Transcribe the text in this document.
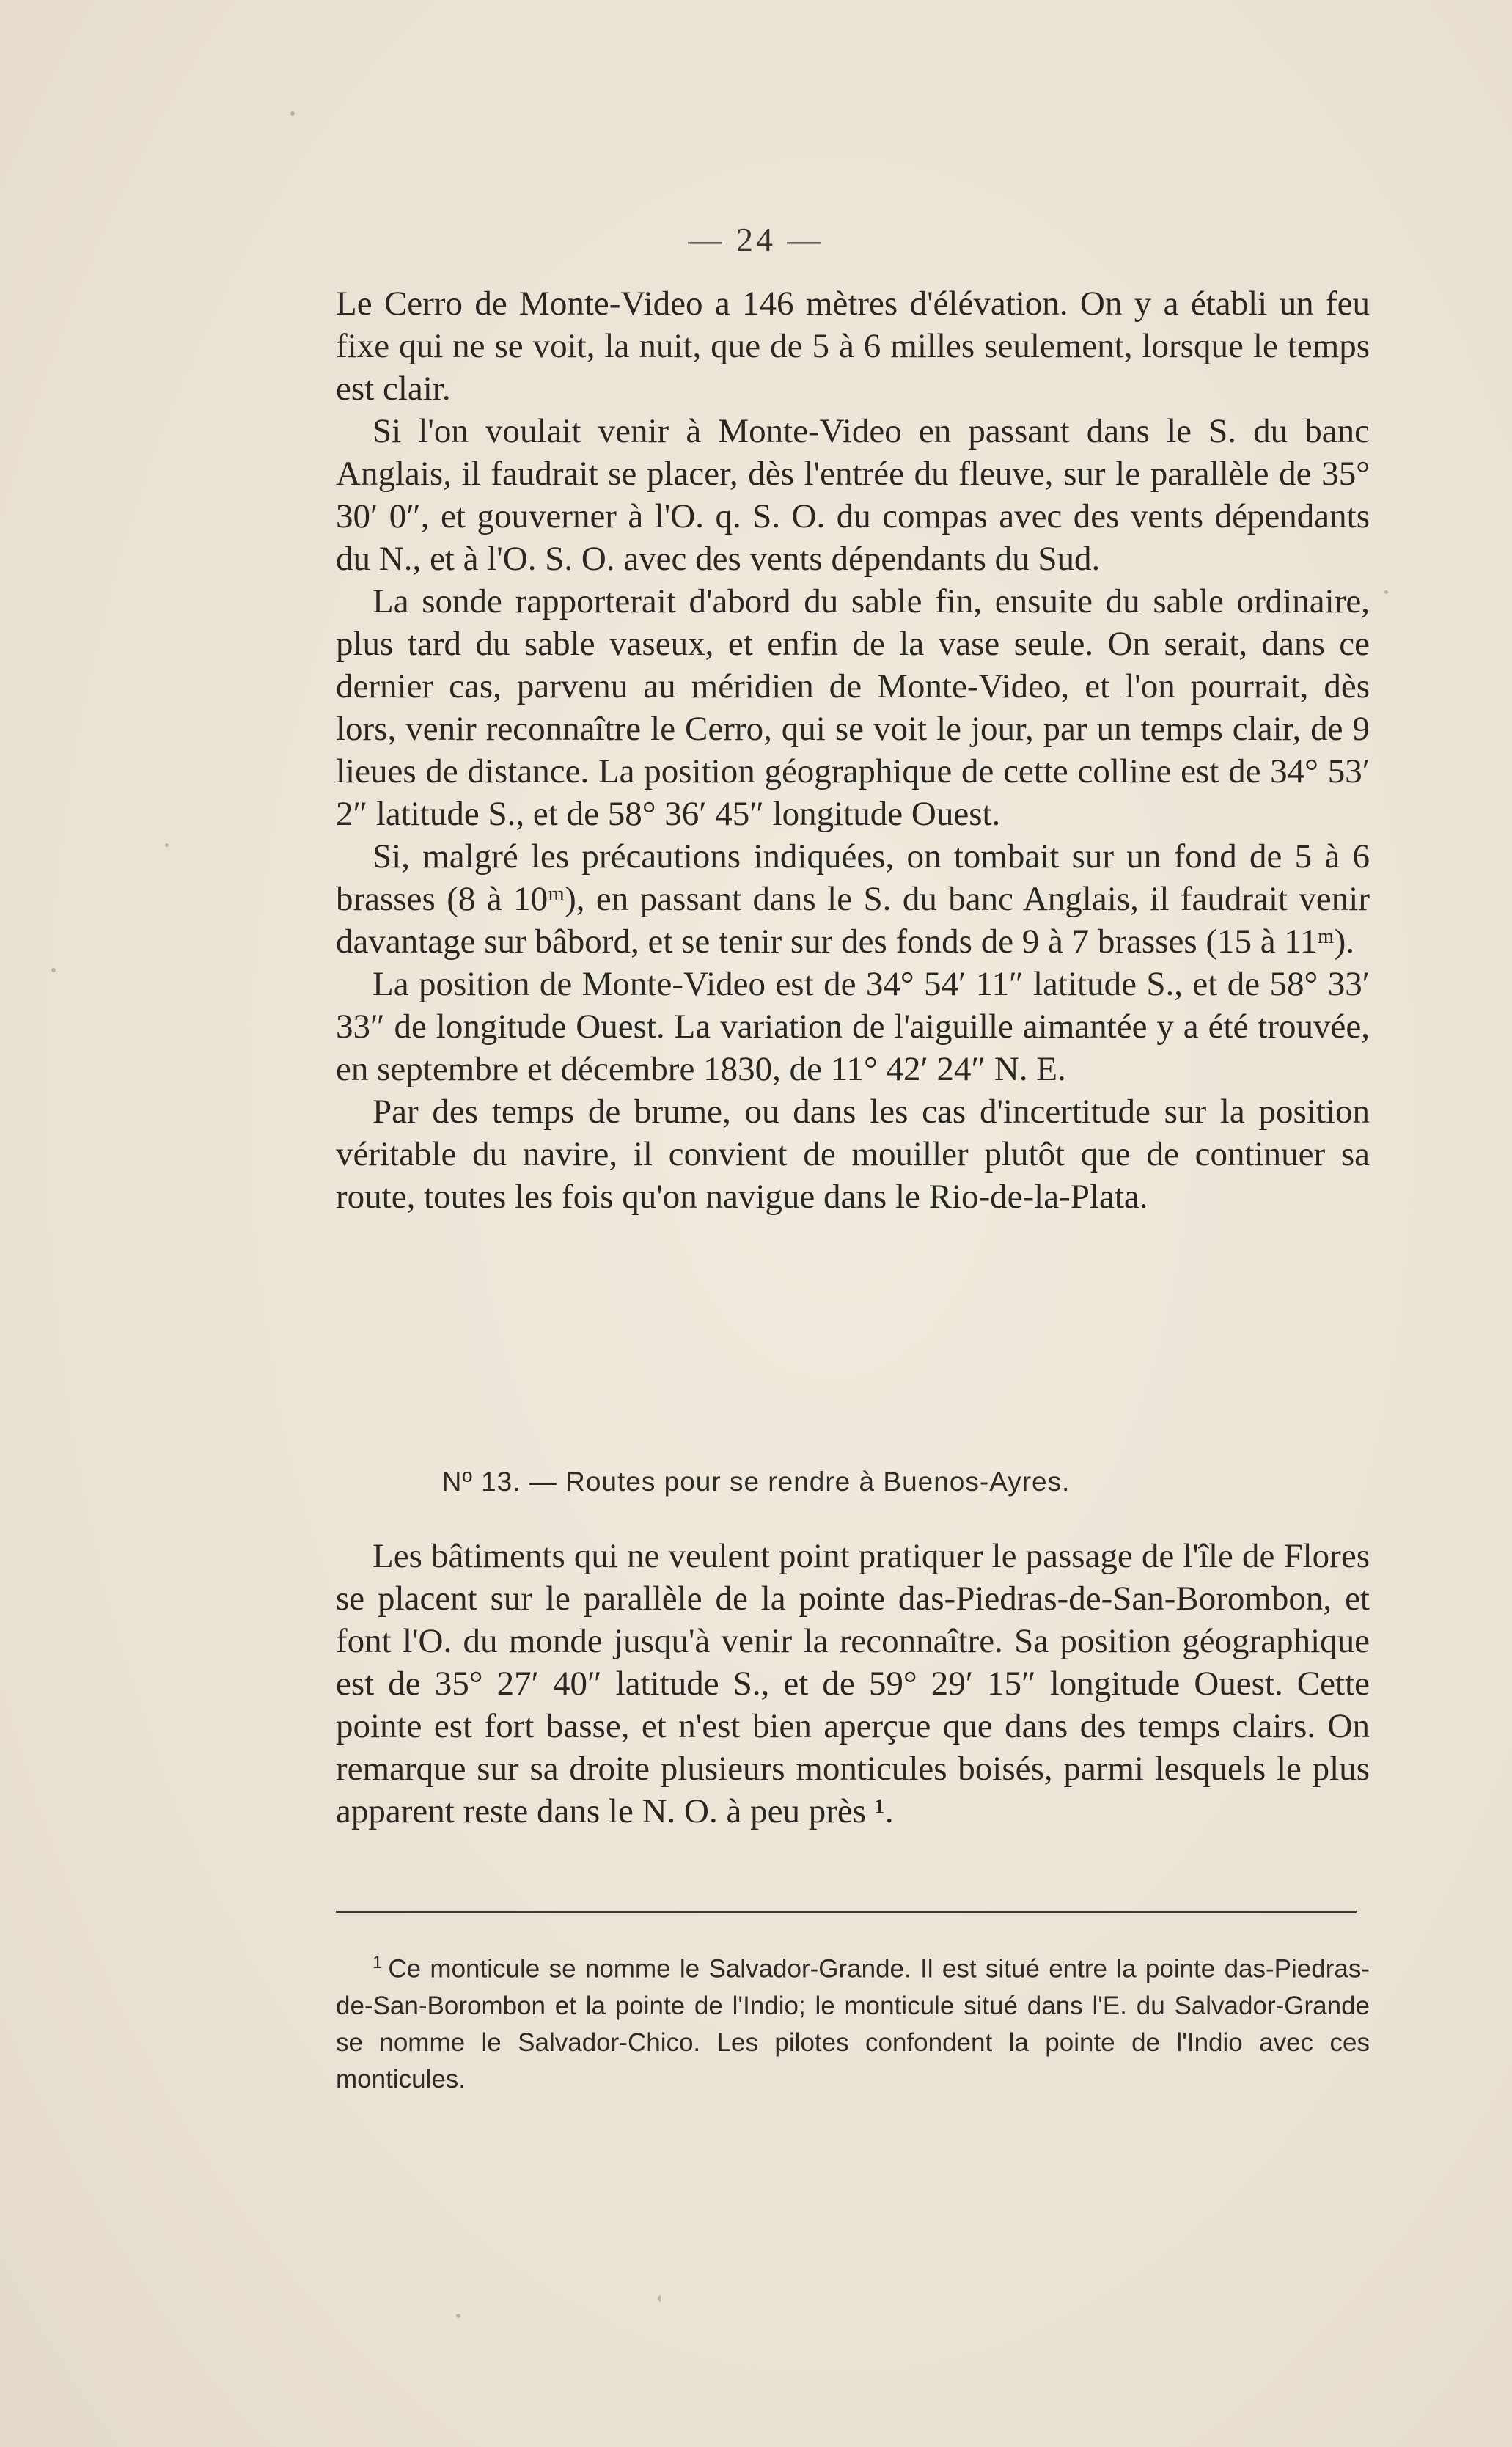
— 24 —

Le Cerro de Monte-Video a 146 mètres d'élévation. On y a établi un feu fixe qui ne se voit, la nuit, que de 5 à 6 milles seulement, lorsque le temps est clair.

Si l'on voulait venir à Monte-Video en passant dans le S. du banc Anglais, il faudrait se placer, dès l'entrée du fleuve, sur le parallèle de 35° 30′ 0″, et gouverner à l'O. q. S. O. du compas avec des vents dépendants du N., et à l'O. S. O. avec des vents dépendants du Sud.

La sonde rapporterait d'abord du sable fin, ensuite du sable ordinaire, plus tard du sable vaseux, et enfin de la vase seule. On serait, dans ce dernier cas, parvenu au méridien de Monte-Video, et l'on pourrait, dès lors, venir reconnaître le Cerro, qui se voit le jour, par un temps clair, de 9 lieues de distance. La position géographique de cette colline est de 34° 53′ 2″ latitude S., et de 58° 36′ 45″ longitude Ouest.

Si, malgré les précautions indiquées, on tombait sur un fond de 5 à 6 brasses (8 à 10ᵐ), en passant dans le S. du banc Anglais, il faudrait venir davantage sur bâbord, et se tenir sur des fonds de 9 à 7 brasses (15 à 11ᵐ).

La position de Monte-Video est de 34° 54′ 11″ latitude S., et de 58° 33′ 33″ de longitude Ouest. La variation de l'aiguille aimantée y a été trouvée, en septembre et décembre 1830, de 11° 42′ 24″ N. E.

Par des temps de brume, ou dans les cas d'incertitude sur la position véritable du navire, il convient de mouiller plutôt que de continuer sa route, toutes les fois qu'on navigue dans le Rio-de-la-Plata.

Nº 13. — Routes pour se rendre à Buenos-Ayres.

Les bâtiments qui ne veulent point pratiquer le passage de l'île de Flores se placent sur le parallèle de la pointe das-Piedras-de-San-Borombon, et font l'O. du monde jusqu'à venir la reconnaître. Sa position géographique est de 35° 27′ 40″ latitude S., et de 59° 29′ 15″ longitude Ouest. Cette pointe est fort basse, et n'est bien aperçue que dans des temps clairs. On remarque sur sa droite plusieurs monticules boisés, parmi lesquels le plus apparent reste dans le N. O. à peu près ¹.

$^1$ Ce monticule se nomme le Salvador-Grande. Il est situé entre la pointe das-Piedras-de-San-Borombon et la pointe de l'Indio; le monticule situé dans l'E. du Salvador-Grande se nomme le Salvador-Chico. Les pilotes confondent la pointe de l'Indio avec ces monticules.
